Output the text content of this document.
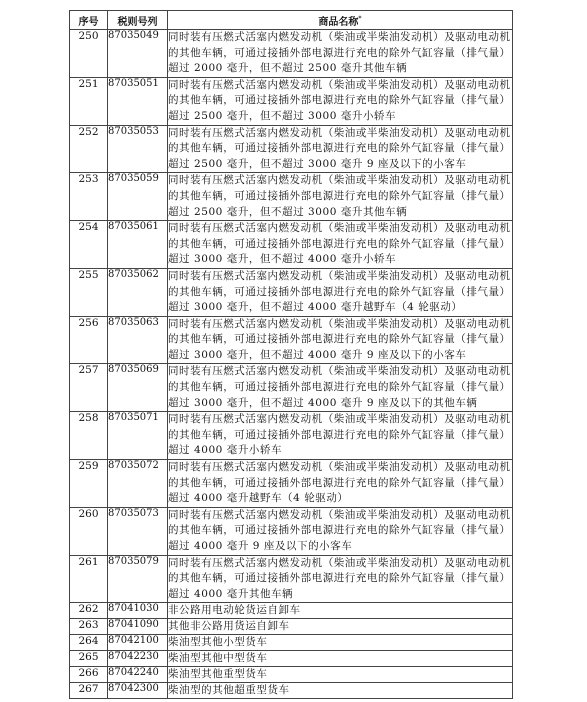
序号	税则号列	商品名称*
250	87035049	同时装有压燃式活塞内燃发动机（柴油或半柴油发动机）及驱动电动机的其他车辆，可通过接插外部电源进行充电的除外气缸容量（排气量）超过 2000 毫升，但不超过 2500 毫升其他车辆
251	87035051	同时装有压燃式活塞内燃发动机（柴油或半柴油发动机）及驱动电动机的其他车辆，可通过接插外部电源进行充电的除外气缸容量（排气量）超过 2500 毫升，但不超过 3000 毫升小轿车
252	87035053	同时装有压燃式活塞内燃发动机（柴油或半柴油发动机）及驱动电动机的其他车辆，可通过接插外部电源进行充电的除外气缸容量（排气量）超过 2500 毫升，但不超过 3000 毫升 9 座及以下的小客车
253	87035059	同时装有压燃式活塞内燃发动机（柴油或半柴油发动机）及驱动电动机的其他车辆，可通过接插外部电源进行充电的除外气缸容量（排气量）超过 2500 毫升，但不超过 3000 毫升其他车辆
254	87035061	同时装有压燃式活塞内燃发动机（柴油或半柴油发动机）及驱动电动机的其他车辆，可通过接插外部电源进行充电的除外气缸容量（排气量）超过 3000 毫升，但不超过 4000 毫升小轿车
255	87035062	同时装有压燃式活塞内燃发动机（柴油或半柴油发动机）及驱动电动机的其他车辆，可通过接插外部电源进行充电的除外气缸容量（排气量）超过 3000 毫升，但不超过 4000 毫升越野车（4 轮驱动）
256	87035063	同时装有压燃式活塞内燃发动机（柴油或半柴油发动机）及驱动电动机的其他车辆，可通过接插外部电源进行充电的除外气缸容量（排气量）超过 3000 毫升，但不超过 4000 毫升 9 座及以下的小客车
257	87035069	同时装有压燃式活塞内燃发动机（柴油或半柴油发动机）及驱动电动机的其他车辆，可通过接插外部电源进行充电的除外气缸容量（排气量）超过 3000 毫升，但不超过 4000 毫升 9 座及以下的其他车辆
258	87035071	同时装有压燃式活塞内燃发动机（柴油或半柴油发动机）及驱动电动机的其他车辆，可通过接插外部电源进行充电的除外气缸容量（排气量）超过 4000 毫升小轿车
259	87035072	同时装有压燃式活塞内燃发动机（柴油或半柴油发动机）及驱动电动机的其他车辆，可通过接插外部电源进行充电的除外气缸容量（排气量）超过 4000 毫升越野车（4 轮驱动）
260	87035073	同时装有压燃式活塞内燃发动机（柴油或半柴油发动机）及驱动电动机的其他车辆，可通过接插外部电源进行充电的除外气缸容量（排气量）超过 4000 毫升 9 座及以下的小客车
261	87035079	同时装有压燃式活塞内燃发动机（柴油或半柴油发动机）及驱动电动机的其他车辆，可通过接插外部电源进行充电的除外气缸容量（排气量）超过 4000 毫升其他车辆
262	87041030	非公路用电动轮货运自卸车
263	87041090	其他非公路用货运自卸车
264	87042100	柴油型其他小型货车
265	87042230	柴油型其他中型货车
266	87042240	柴油型其他重型货车
267	87042300	柴油型的其他超重型货车
